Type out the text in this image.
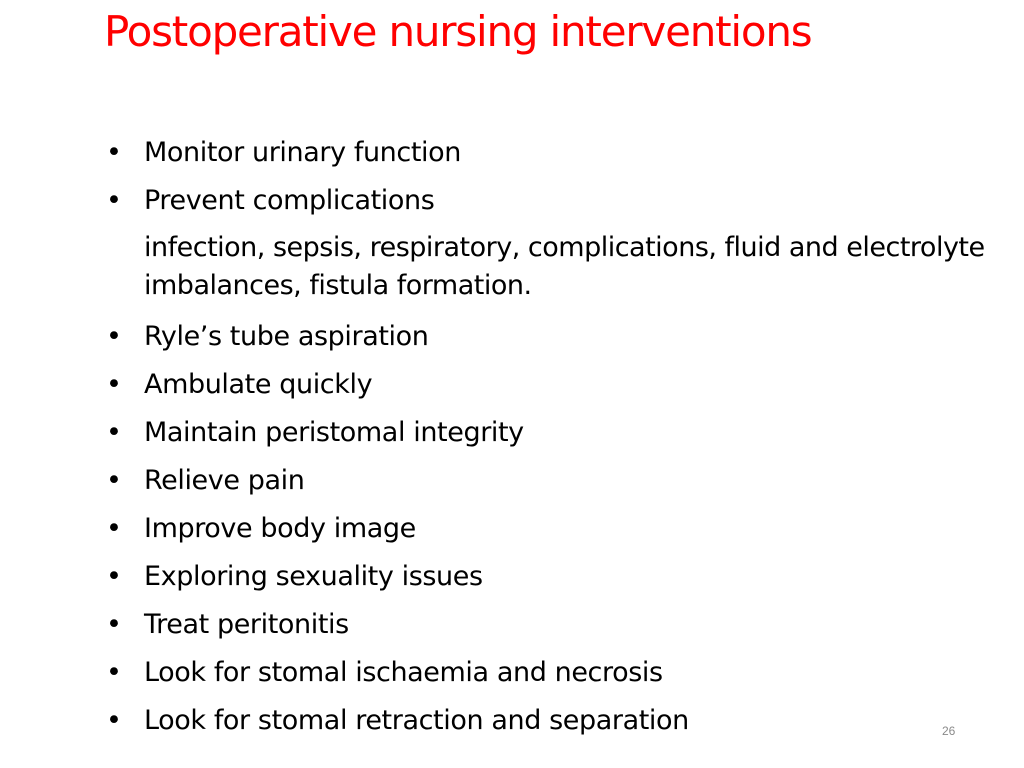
Postoperative nursing interventions
• Monitor urinary function
• Prevent complications
infection, sepsis, respiratory, complications, fluid and electrolyte imbalances, fistula formation.
• Ryle’s tube aspiration
• Ambulate quickly
• Maintain peristomal integrity
• Relieve pain
• Improve body image
• Exploring sexuality issues
• Treat peritonitis
• Look for stomal ischaemia and necrosis
• Look for stomal retraction and separation	26
